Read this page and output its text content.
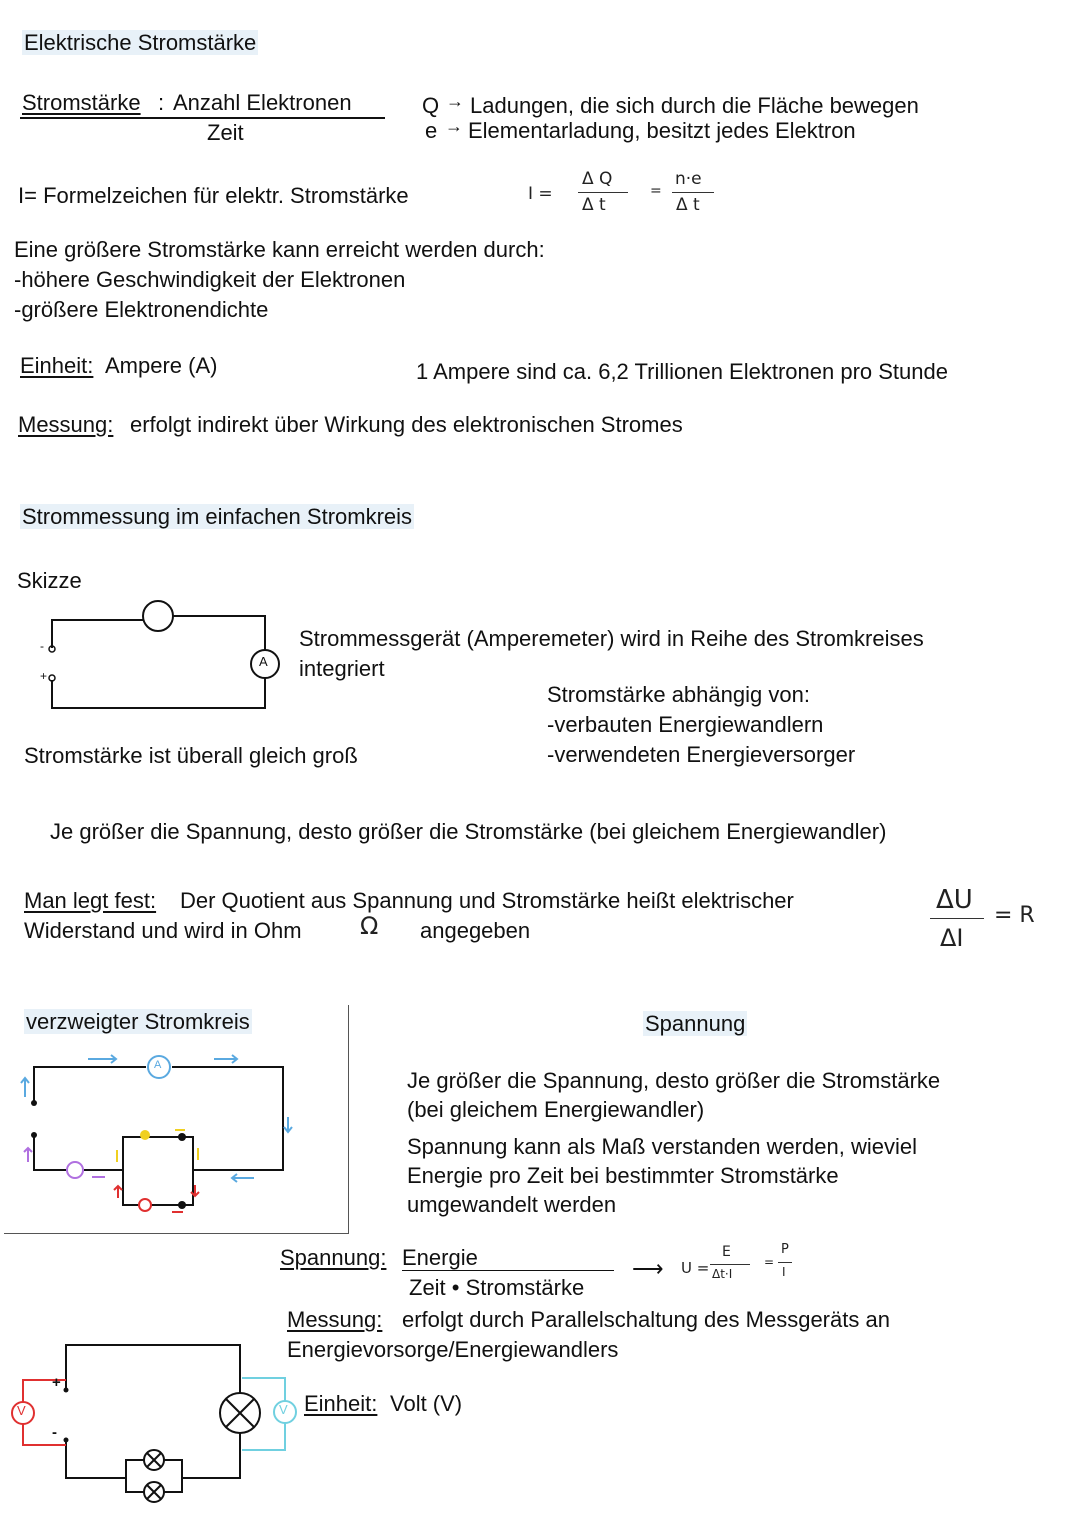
Elektrische Stromstärke
Stromstärke : Anzahl Elektronen
Zeit
Q → Ladungen, die sich durch die Fläche bewegen
e → Elementarladung, besitzt jedes Elektron
I= Formelzeichen für elektr. Stromstärke	I =
Δ Q
Δ t
=
n·e
Δ t
Eine größere Stromstärke kann erreicht werden durch:
-höhere Geschwindigkeit der Elektronen
-größere Elektronendichte
Einheit: Ampere (A)	1 Ampere sind ca. 6,2 Trillionen Elektronen pro Stunde
Messung: erfolgt indirekt über Wirkung des elektronischen Stromes
Strommessung im einfachen Stromkreis
Skizze
A
-
+
Strommessgerät (Amperemeter) wird in Reihe des Stromkreises
integriert
Stromstärke abhängig von:
-verbauten Energiewandlern
-verwendeten Energieversorger
Stromstärke ist überall gleich groß
Je größer die Spannung, desto größer die Stromstärke (bei gleichem Energiewandler)
Man legt fest: Der Quotient aus Spannung und Stromstärke heißt elektrischer
Widerstand und wird in Ohm Ω angegeben
ΔU
ΔI
= R
verzweigter Stromkreis
A
Spannung
Je größer die Spannung, desto größer die Stromstärke
(bei gleichem Energiewandler)
Spannung kann als Maß verstanden werden, wieviel
Energie pro Zeit bei bestimmter Stromstärke
umgewandelt werden
Spannung: Energie
Zeit • Stromstärke
⟶ U =
E
Δt·I
=
P
I
Messung: erfolgt durch Parallelschaltung des Messgeräts an
Energievorsorge/Energiewandlers
Einheit: Volt (V)
V	V
+
-
